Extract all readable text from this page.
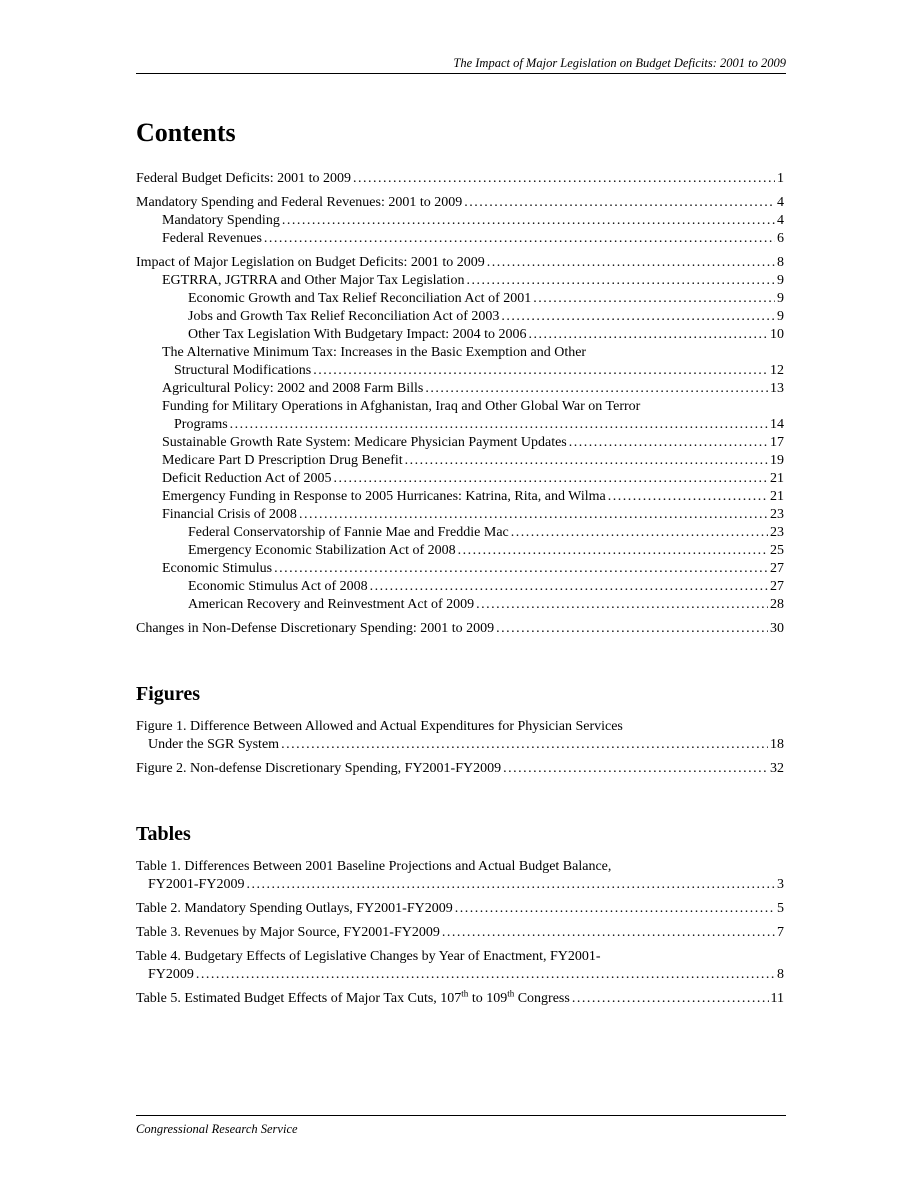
The Impact of Major Legislation on Budget Deficits: 2001 to 2009
Contents
Federal Budget Deficits: 2001 to 2009 . . .	1
Mandatory Spending and Federal Revenues: 2001 to 2009 . . .	4
Mandatory Spending . . .	4
Federal Revenues . . .	6
Impact of Major Legislation on Budget Deficits: 2001 to 2009 . . .	8
EGTRRA, JGTRRA and Other Major Tax Legislation . . .	9
Economic Growth and Tax Relief Reconciliation Act of 2001 . . .	9
Jobs and Growth Tax Relief Reconciliation Act of 2003 . . .	9
Other Tax Legislation With Budgetary Impact: 2004 to 2006 . . .	10
The Alternative Minimum Tax: Increases in the Basic Exemption and Other
Structural Modifications . . .	12
Agricultural Policy: 2002 and 2008 Farm Bills . . .	13
Funding for Military Operations in Afghanistan, Iraq and Other Global War on Terror
Programs . . .	14
Sustainable Growth Rate System: Medicare Physician Payment Updates . . .	17
Medicare Part D Prescription Drug Benefit . . .	19
Deficit Reduction Act of 2005 . . .	21
Emergency Funding in Response to 2005 Hurricanes: Katrina, Rita, and Wilma . . .	21
Financial Crisis of 2008 . . .	23
Federal Conservatorship of Fannie Mae and Freddie Mac . . .	23
Emergency Economic Stabilization Act of 2008 . . .	25
Economic Stimulus . . .	27
Economic Stimulus Act of 2008 . . .	27
American Recovery and Reinvestment Act of 2009 . . .	28
Changes in Non-Defense Discretionary Spending: 2001 to 2009 . . .	30
Figures
Figure 1. Difference Between Allowed and Actual Expenditures for Physician Services
Under the SGR System . . .	18
Figure 2. Non-defense Discretionary Spending, FY2001-FY2009 . . .	32
Tables
Table 1. Differences Between 2001 Baseline Projections and Actual Budget Balance,
FY2001-FY2009 . . .	3
Table 2. Mandatory Spending Outlays, FY2001-FY2009 . . .	5
Table 3. Revenues by Major Source, FY2001-FY2009 . . .	7
Table 4. Budgetary Effects of Legislative Changes by Year of Enactment, FY2001-
FY2009 . . .	8
Table 5. Estimated Budget Effects of Major Tax Cuts, 107th to 109th Congress . . .	11
Congressional Research Service
